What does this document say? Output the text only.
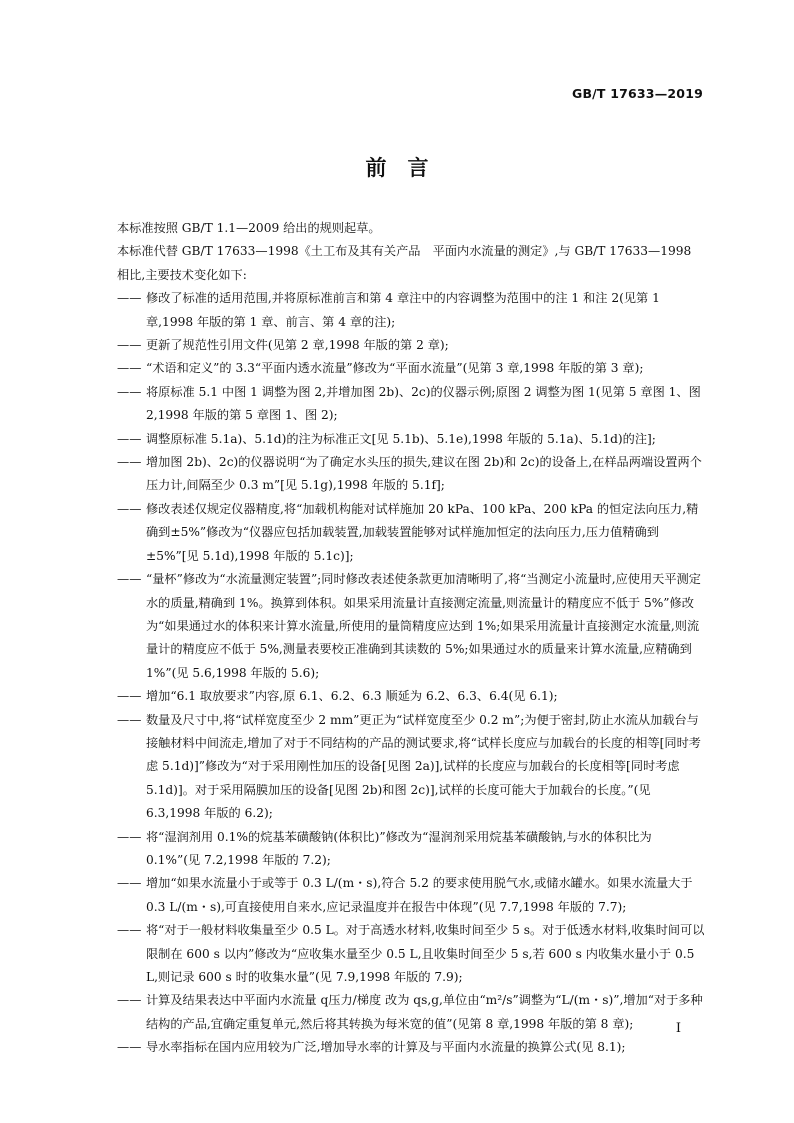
GB/T 17633—2019
前　言

本标准按照 GB/T 1.1—2009 给出的规则起草。

本标准代替 GB/T 17633—1998《土工布及其有关产品　平面内水流量的测定》,与 GB/T 17633—1998 相比,主要技术变化如下:

—— 修改了标准的适用范围,并将原标准前言和第 4 章注中的内容调整为范围中的注 1 和注 2(见第 1 章,1998 年版的第 1 章、前言、第 4 章的注);
—— 更新了规范性引用文件(见第 2 章,1998 年版的第 2 章);
—— “术语和定义”的 3.3“平面内透水流量”修改为“平面水流量”(见第 3 章,1998 年版的第 3 章);
—— 将原标准 5.1 中图 1 调整为图 2,并增加图 2b)、2c)的仪器示例;原图 2 调整为图 1(见第 5 章图 1、图 2,1998 年版的第 5 章图 1、图 2);
—— 调整原标准 5.1a)、5.1d)的注为标准正文[见 5.1b)、5.1e),1998 年版的 5.1a)、5.1d)的注];
—— 增加图 2b)、2c)的仪器说明“为了确定水头压的损失,建议在图 2b)和 2c)的设备上,在样品两端设置两个压力计,间隔至少 0.3 m”[见 5.1g),1998 年版的 5.1f];
—— 修改表述仅规定仪器精度,将“加载机构能对试样施加 20 kPa、100 kPa、200 kPa 的恒定法向压力,精确到±5%”修改为“仪器应包括加载装置,加载装置能够对试样施加恒定的法向压力,压力值精确到±5%”[见 5.1d),1998 年版的 5.1c)];
—— “量杯”修改为“水流量测定装置”;同时修改表述使条款更加清晰明了,将“当测定小流量时,应使用天平测定水的质量,精确到 1%。换算到体积。如果采用流量计直接测定流量,则流量计的精度应不低于 5%”修改为“如果通过水的体积来计算水流量,所使用的量筒精度应达到 1%;如果采用流量计直接测定水流量,则流量计的精度应不低于 5%,测量表要校正准确到其读数的 5%;如果通过水的质量来计算水流量,应精确到 1%”(见 5.6,1998 年版的 5.6);
—— 增加“6.1 取放要求”内容,原 6.1、6.2、6.3 顺延为 6.2、6.3、6.4(见 6.1);
—— 数量及尺寸中,将“试样宽度至少 2 mm”更正为“试样宽度至少 0.2 m”;为便于密封,防止水流从加载台与接触材料中间流走,增加了对于不同结构的产品的测试要求,将“试样长度应与加载台的长度的相等[同时考虑 5.1d)]”修改为“对于采用刚性加压的设备[见图 2a)],试样的长度应与加载台的长度相等[同时考虑 5.1d)]。对于采用隔膜加压的设备[见图 2b)和图 2c)],试样的长度可能大于加载台的长度。”(见 6.3,1998 年版的 6.2);
—— 将“湿润剂用 0.1%的烷基苯磺酸钠(体积比)”修改为“湿润剂采用烷基苯磺酸钠,与水的体积比为 0.1%”(见 7.2,1998 年版的 7.2);
—— 增加“如果水流量小于或等于 0.3 L/(m・s),符合 5.2 的要求使用脱气水,或储水罐水。如果水流量大于 0.3 L/(m・s),可直接使用自来水,应记录温度并在报告中体现”(见 7.7,1998 年版的 7.7);
—— 将“对于一般材料收集量至少 0.5 L。对于高透水材料,收集时间至少 5 s。对于低透水材料,收集时间可以限制在 600 s 以内”修改为“应收集水量至少 0.5 L,且收集时间至少 5 s,若 600 s 内收集水量小于 0.5 L,则记录 600 s 时的收集水量”(见 7.9,1998 年版的 7.9);
—— 计算及结果表达中平面内水流量 q压力/梯度 改为 qs,g,单位由“m²/s”调整为“L/(m・s)”,增加“对于多种结构的产品,宜确定重复单元,然后将其转换为每米宽的值”(见第 8 章,1998 年版的第 8 章);
—— 导水率指标在国内应用较为广泛,增加导水率的计算及与平面内水流量的换算公式(见 8.1);
I
